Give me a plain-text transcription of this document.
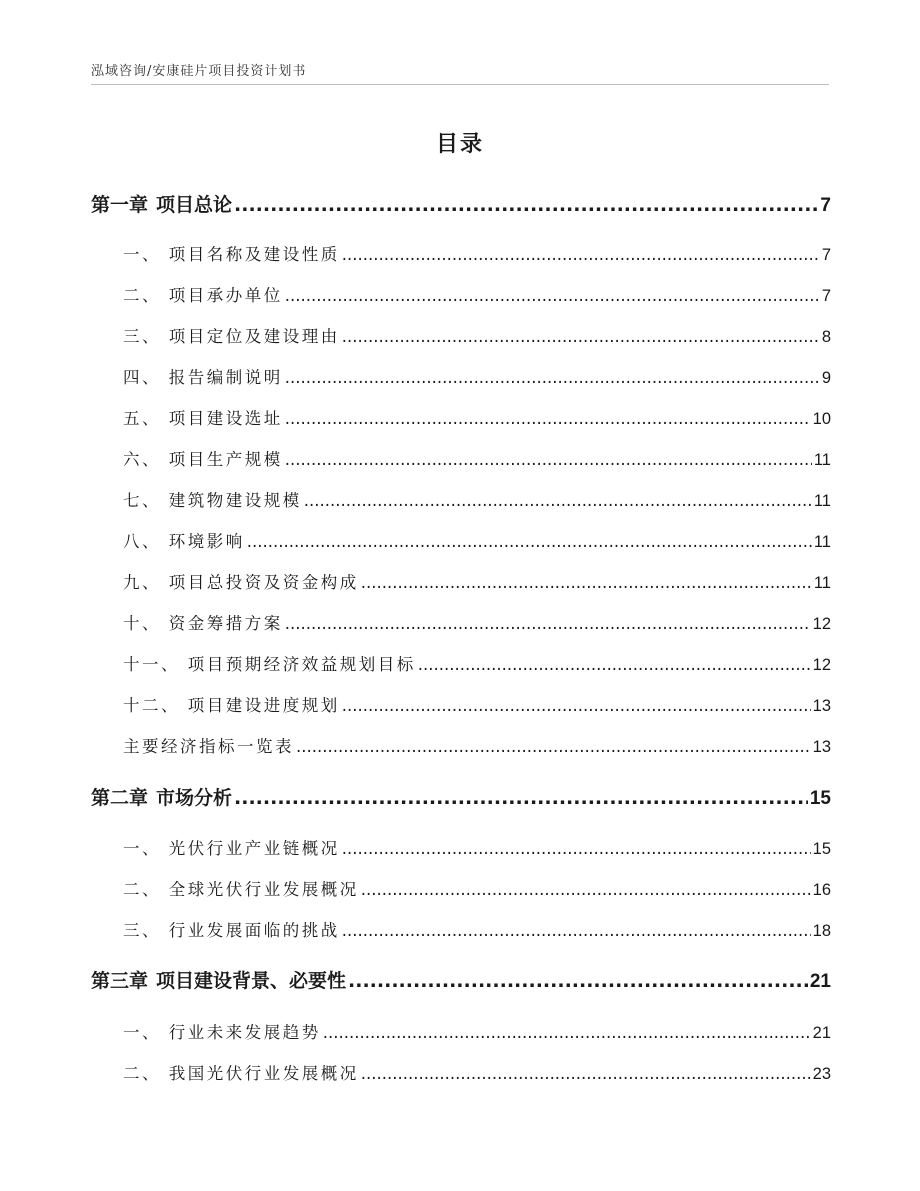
泓域咨询/安康硅片项目投资计划书
目录
第一章 项目总论 .....	7
一、 项目名称及建设性质 .....	7
二、 项目承办单位 .....	7
三、 项目定位及建设理由 .....	8
四、 报告编制说明 .....	9
五、 项目建设选址 .....	10
六、 项目生产规模 .....	11
七、 建筑物建设规模 .....	11
八、 环境影响 .....	11
九、 项目总投资及资金构成 .....	11
十、 资金筹措方案 .....	12
十一、 项目预期经济效益规划目标 .....	12
十二、 项目建设进度规划 .....	13
主要经济指标一览表 .....	13
第二章 市场分析 .....	15
一、 光伏行业产业链概况 .....	15
二、 全球光伏行业发展概况 .....	16
三、 行业发展面临的挑战 .....	18
第三章 项目建设背景、必要性 .....	21
一、 行业未来发展趋势 .....	21
二、 我国光伏行业发展概况 .....	23
